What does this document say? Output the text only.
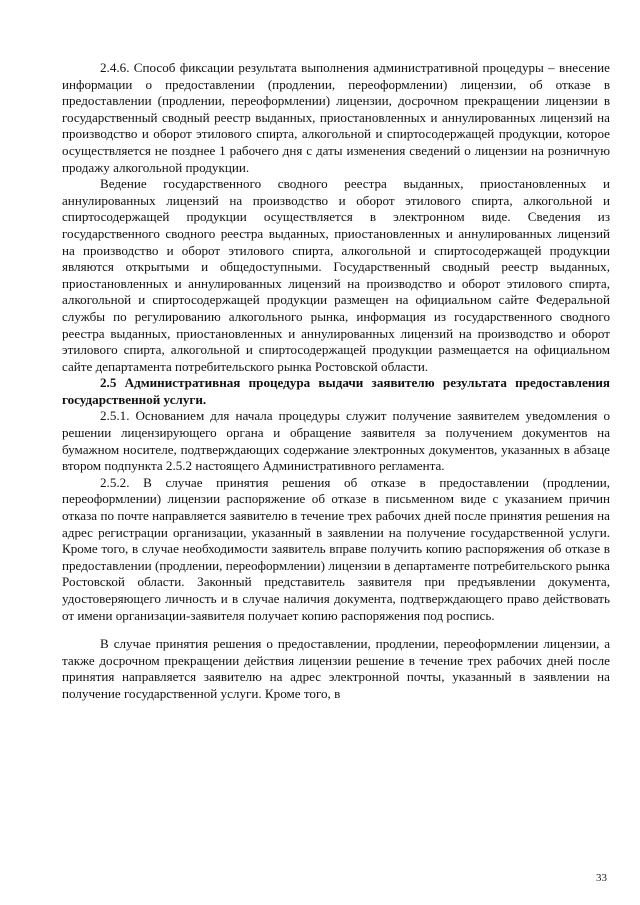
2.4.6. Способ фиксации результата выполнения административной процедуры – внесение информации о предоставлении (продлении, переоформлении) лицензии, об отказе в предоставлении (продлении, переоформлении) лицензии, досрочном прекращении лицензии в государственный сводный реестр выданных, приостановленных и аннулированных лицензий на производство и оборот этилового спирта, алкогольной и спиртосодержащей продукции, которое осуществляется не позднее 1 рабочего дня с даты изменения сведений о лицензии на розничную продажу алкогольной продукции.

Ведение государственного сводного реестра выданных, приостановленных и аннулированных лицензий на производство и оборот этилового спирта, алкогольной и спиртосодержащей продукции осуществляется в электронном виде. Сведения из государственного сводного реестра выданных, приостановленных и аннулированных лицензий на производство и оборот этилового спирта, алкогольной и спиртосодержащей продукции являются открытыми и общедоступными. Государственный сводный реестр выданных, приостановленных и аннулированных лицензий на производство и оборот этилового спирта, алкогольной и спиртосодержащей продукции размещен на официальном сайте Федеральной службы по регулированию алкогольного рынка, информация из государственного сводного реестра выданных, приостановленных и аннулированных лицензий на производство и оборот этилового спирта, алкогольной и спиртосодержащей продукции размещается на официальном сайте департамента потребительского рынка Ростовской области.

2.5 Административная процедура выдачи заявителю результата предоставления государственной услуги.

2.5.1. Основанием для начала процедуры служит получение заявителем уведомления о решении лицензирующего органа и обращение заявителя за получением документов на бумажном носителе, подтверждающих содержание электронных документов, указанных в абзаце втором подпункта 2.5.2 настоящего Административного регламента.

2.5.2. В случае принятия решения об отказе в предоставлении (продлении, переоформлении) лицензии распоряжение об отказе в письменном виде с указанием причин отказа по почте направляется заявителю в течение трех рабочих дней после принятия решения на адрес регистрации организации, указанный в заявлении на получение государственной услуги. Кроме того, в случае необходимости заявитель вправе получить копию распоряжения об отказе в предоставлении (продлении, переоформлении) лицензии в департаменте потребительского рынка Ростовской области. Законный представитель заявителя при предъявлении документа, удостоверяющего личность и в случае наличия документа, подтверждающего право действовать от имени организации-заявителя получает копию распоряжения под роспись.

В случае принятия решения о предоставлении, продлении, переоформлении лицензии, а также досрочном прекращении действия лицензии решение в течение трех рабочих дней после принятия направляется заявителю на адрес электронной почты, указанный в заявлении на получение государственной услуги. Кроме того, в

33
